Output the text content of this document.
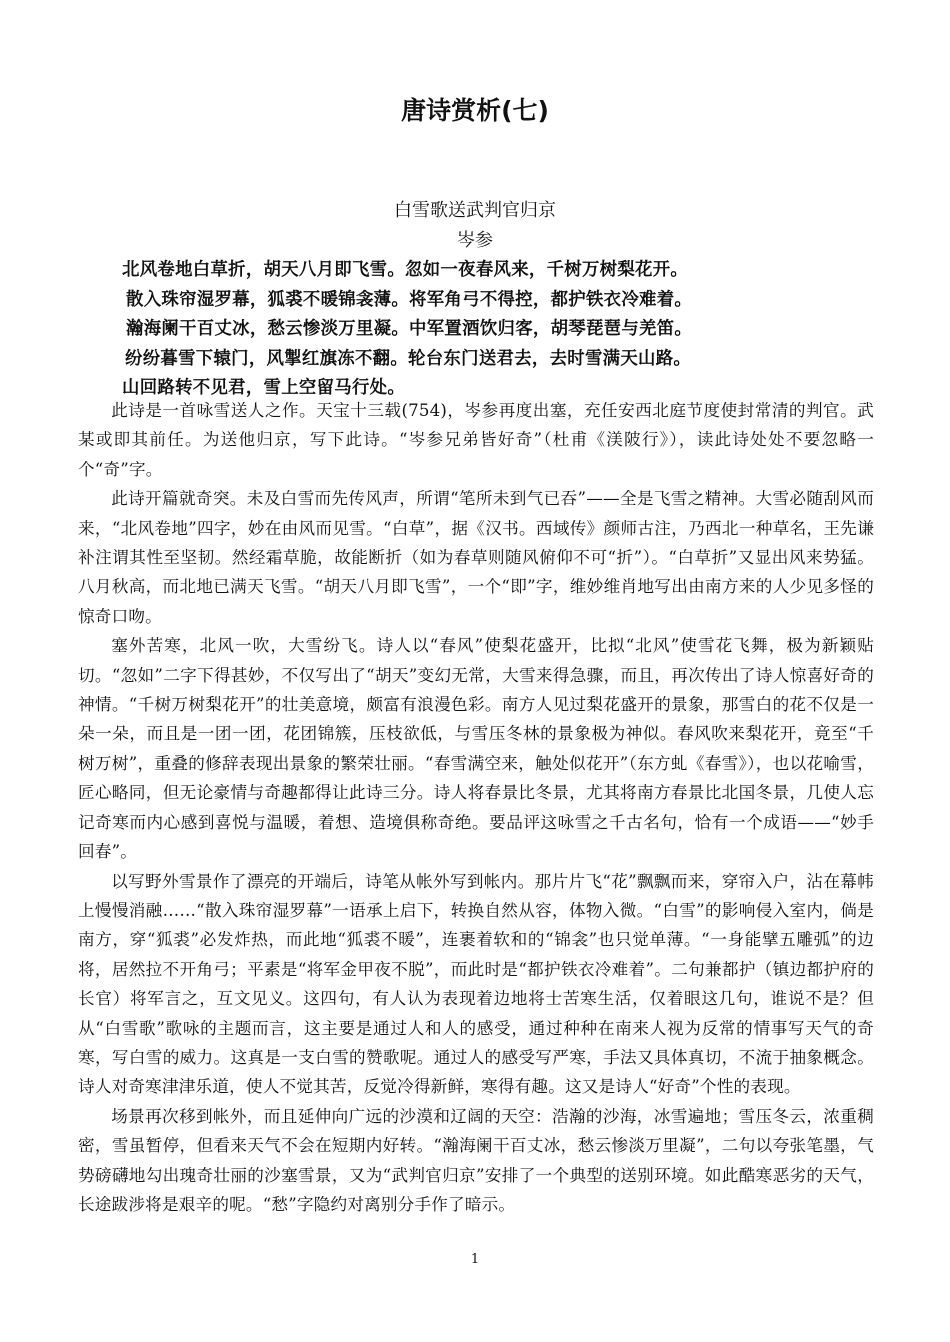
唐诗赏析(七)
白雪歌送武判官归京
岑参
北风卷地白草折，胡天八月即飞雪。忽如一夜春风来，千树万树梨花开。
散入珠帘湿罗幕，狐裘不暖锦衾薄。将军角弓不得控，都护铁衣冷难着。
瀚海阑干百丈冰，愁云惨淡万里凝。中军置酒饮归客，胡琴琵琶与羌笛。
纷纷暮雪下辕门，风掣红旗冻不翻。轮台东门送君去，去时雪满天山路。
山回路转不见君，雪上空留马行处。

此诗是一首咏雪送人之作。天宝十三载(754)，岑参再度出塞，充任安西北庭节度使封常清的判官。武某或即其前任。为送他归京，写下此诗。“岑参兄弟皆好奇”（杜甫《渼陂行》），读此诗处处不要忽略一个“奇”字。

此诗开篇就奇突。未及白雪而先传风声，所谓“笔所未到气已吞”——全是飞雪之精神。大雪必随刮风而来，“北风卷地”四字，妙在由风而见雪。“白草”，据《汉书。西域传》颜师古注，乃西北一种草名，王先谦补注谓其性至坚韧。然经霜草脆，故能断折（如为春草则随风俯仰不可“折”）。“白草折”又显出风来势猛。八月秋高，而北地已满天飞雪。“胡天八月即飞雪”，一个“即”字，维妙维肖地写出由南方来的人少见多怪的惊奇口吻。

塞外苦寒，北风一吹，大雪纷飞。诗人以“春风”使梨花盛开，比拟“北风”使雪花飞舞，极为新颖贴切。“忽如”二字下得甚妙，不仅写出了“胡天”变幻无常，大雪来得急骤，而且，再次传出了诗人惊喜好奇的神情。“千树万树梨花开”的壮美意境，颇富有浪漫色彩。南方人见过梨花盛开的景象，那雪白的花不仅是一朵一朵，而且是一团一团，花团锦簇，压枝欲低，与雪压冬林的景象极为神似。春风吹来梨花开，竟至“千树万树”，重叠的修辞表现出景象的繁荣壮丽。“春雪满空来，触处似花开”（东方虬《春雪》），也以花喻雪，匠心略同，但无论豪情与奇趣都得让此诗三分。诗人将春景比冬景，尤其将南方春景比北国冬景，几使人忘记奇寒而内心感到喜悦与温暖，着想、造境俱称奇绝。要品评这咏雪之千古名句，恰有一个成语——“妙手回春”。

以写野外雪景作了漂亮的开端后，诗笔从帐外写到帐内。那片片飞“花”飘飘而来，穿帘入户，沾在幕帏上慢慢消融……“散入珠帘湿罗幕”一语承上启下，转换自然从容，体物入微。“白雪”的影响侵入室内，倘是南方，穿“狐裘”必发炸热，而此地“狐裘不暖”，连裹着软和的“锦衾”也只觉单薄。“一身能擘五雕弧”的边将，居然拉不开角弓；平素是“将军金甲夜不脱”，而此时是“都护铁衣冷难着”。二句兼都护（镇边都护府的长官）将军言之，互文见义。这四句，有人认为表现着边地将士苦寒生活，仅着眼这几句，谁说不是？但从“白雪歌”歌咏的主题而言，这主要是通过人和人的感受，通过种种在南来人视为反常的情事写天气的奇寒，写白雪的威力。这真是一支白雪的赞歌呢。通过人的感受写严寒，手法又具体真切，不流于抽象概念。诗人对奇寒津津乐道，使人不觉其苦，反觉冷得新鲜，寒得有趣。这又是诗人“好奇”个性的表现。

场景再次移到帐外，而且延伸向广远的沙漠和辽阔的天空：浩瀚的沙海，冰雪遍地；雪压冬云，浓重稠密，雪虽暂停，但看来天气不会在短期内好转。“瀚海阑干百丈冰，愁云惨淡万里凝”，二句以夸张笔墨，气势磅礴地勾出瑰奇壮丽的沙塞雪景，又为“武判官归京”安排了一个典型的送别环境。如此酷寒恶劣的天气，长途跋涉将是艰辛的呢。“愁”字隐约对离别分手作了暗示。

1
